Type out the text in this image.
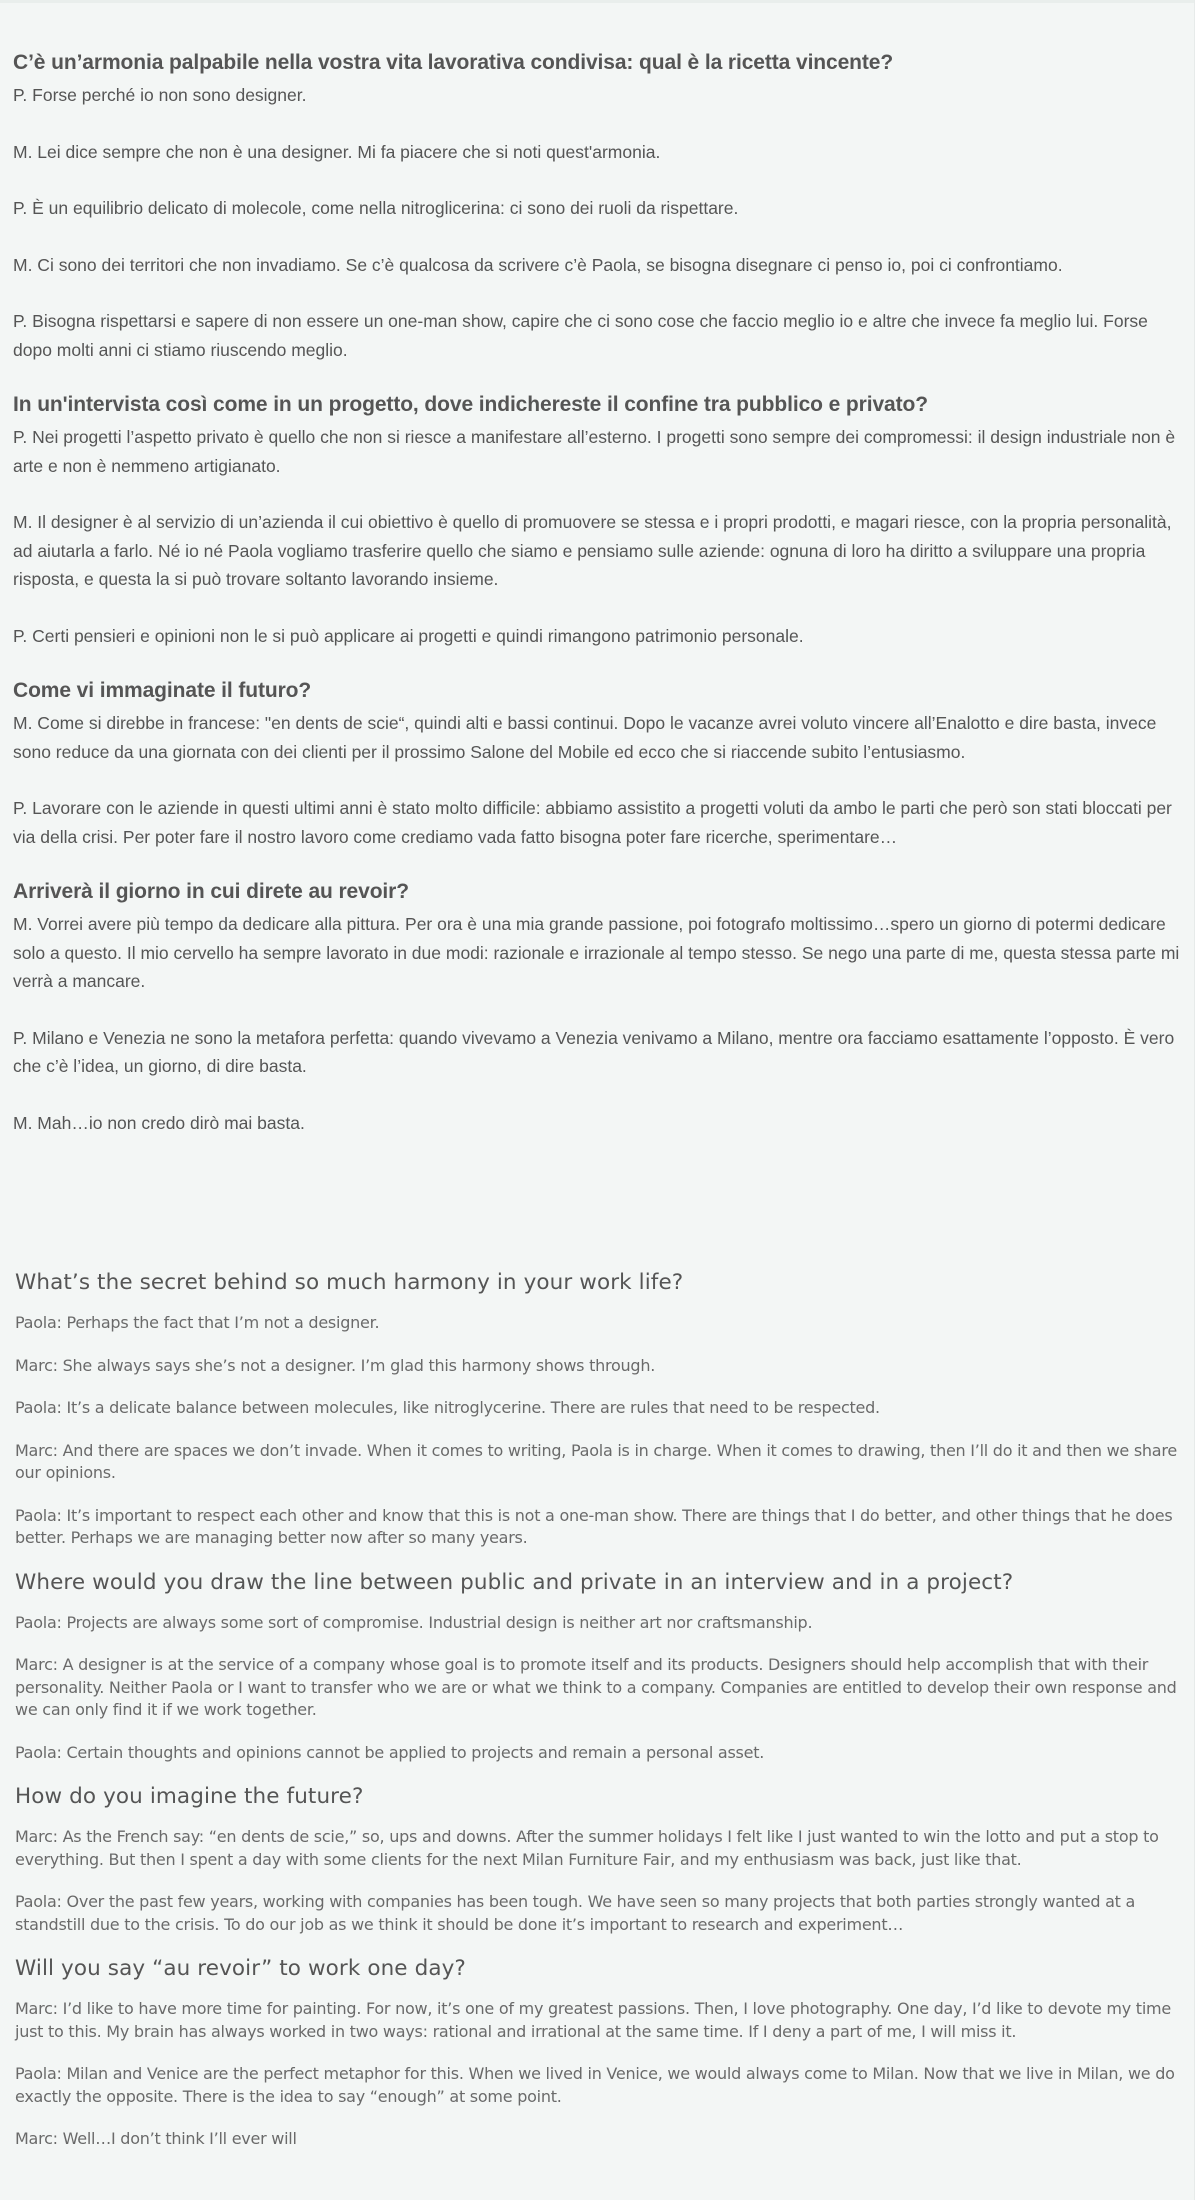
C’è un’armonia palpabile nella vostra vita lavorativa condivisa: qual è la ricetta vincente?

P. Forse perché io non sono designer.

M. Lei dice sempre che non è una designer. Mi fa piacere che si noti quest'armonia.

P. È un equilibrio delicato di molecole, come nella nitroglicerina: ci sono dei ruoli da rispettare.

M. Ci sono dei territori che non invadiamo. Se c’è qualcosa da scrivere c’è Paola, se bisogna disegnare ci penso io, poi ci confrontiamo.

P. Bisogna rispettarsi e sapere di non essere un one-man show, capire che ci sono cose che faccio meglio io e altre che invece fa meglio lui. Forse dopo molti anni ci stiamo riuscendo meglio.

In un'intervista così come in un progetto, dove indichereste il confine tra pubblico e privato?

P. Nei progetti l’aspetto privato è quello che non si riesce a manifestare all’esterno. I progetti sono sempre dei compromessi: il design industriale non è arte e non è nemmeno artigianato.

M. Il designer è al servizio di un’azienda il cui obiettivo è quello di promuovere se stessa e i propri prodotti, e magari riesce, con la propria personalità, ad aiutarla a farlo. Né io né Paola vogliamo trasferire quello che siamo e pensiamo sulle aziende: ognuna di loro ha diritto a sviluppare una propria risposta, e questa la si può trovare soltanto lavorando insieme.

P. Certi pensieri e opinioni non le si può applicare ai progetti e quindi rimangono patrimonio personale.

Come vi immaginate il futuro?

M. Come si direbbe in francese: "en dents de scie“, quindi alti e bassi continui. Dopo le vacanze avrei voluto vincere all’Enalotto e dire basta, invece sono reduce da una giornata con dei clienti per il prossimo Salone del Mobile ed ecco che si riaccende subito l’entusiasmo.

P. Lavorare con le aziende in questi ultimi anni è stato molto difficile: abbiamo assistito a progetti voluti da ambo le parti che però son stati bloccati per via della crisi. Per poter fare il nostro lavoro come crediamo vada fatto bisogna poter fare ricerche, sperimentare…

Arriverà il giorno in cui direte au revoir?

M. Vorrei avere più tempo da dedicare alla pittura. Per ora è una mia grande passione, poi fotografo moltissimo…spero un giorno di potermi dedicare solo a questo. Il mio cervello ha sempre lavorato in due modi: razionale e irrazionale al tempo stesso. Se nego una parte di me, questa stessa parte mi verrà a mancare.

P. Milano e Venezia ne sono la metafora perfetta: quando vivevamo a Venezia venivamo a Milano, mentre ora facciamo esattamente l’opposto. È vero che c’è l’idea, un giorno, di dire basta.

M. Mah…io non credo dirò mai basta.

What’s the secret behind so much harmony in your work life?

Paola: Perhaps the fact that I’m not a designer.

Marc: She always says she’s not a designer. I’m glad this harmony shows through.

Paola: It’s a delicate balance between molecules, like nitroglycerine. There are rules that need to be respected.

Marc: And there are spaces we don’t invade. When it comes to writing, Paola is in charge. When it comes to drawing, then I’ll do it and then we share our opinions.

Paola: It’s important to respect each other and know that this is not a one-man show. There are things that I do better, and other things that he does better. Perhaps we are managing better now after so many years.

Where would you draw the line between public and private in an interview and in a project?

Paola: Projects are always some sort of compromise. Industrial design is neither art nor craftsmanship.

Marc: A designer is at the service of a company whose goal is to promote itself and its products. Designers should help accomplish that with their personality. Neither Paola or I want to transfer who we are or what we think to a company. Companies are entitled to develop their own response and we can only find it if we work together.

Paola: Certain thoughts and opinions cannot be applied to projects and remain a personal asset.

How do you imagine the future?

Marc: As the French say: “en dents de scie,” so, ups and downs. After the summer holidays I felt like I just wanted to win the lotto and put a stop to everything. But then I spent a day with some clients for the next Milan Furniture Fair, and my enthusiasm was back, just like that.

Paola: Over the past few years, working with companies has been tough. We have seen so many projects that both parties strongly wanted at a standstill due to the crisis. To do our job as we think it should be done it’s important to research and experiment…

Will you say “au revoir” to work one day?

Marc: I’d like to have more time for painting. For now, it’s one of my greatest passions. Then, I love photography. One day, I’d like to devote my time just to this. My brain has always worked in two ways: rational and irrational at the same time. If I deny a part of me, I will miss it.

Paola: Milan and Venice are the perfect metaphor for this. When we lived in Venice, we would always come to Milan. Now that we live in Milan, we do exactly the opposite. There is the idea to say “enough” at some point.

Marc: Well…I don’t think I’ll ever will
